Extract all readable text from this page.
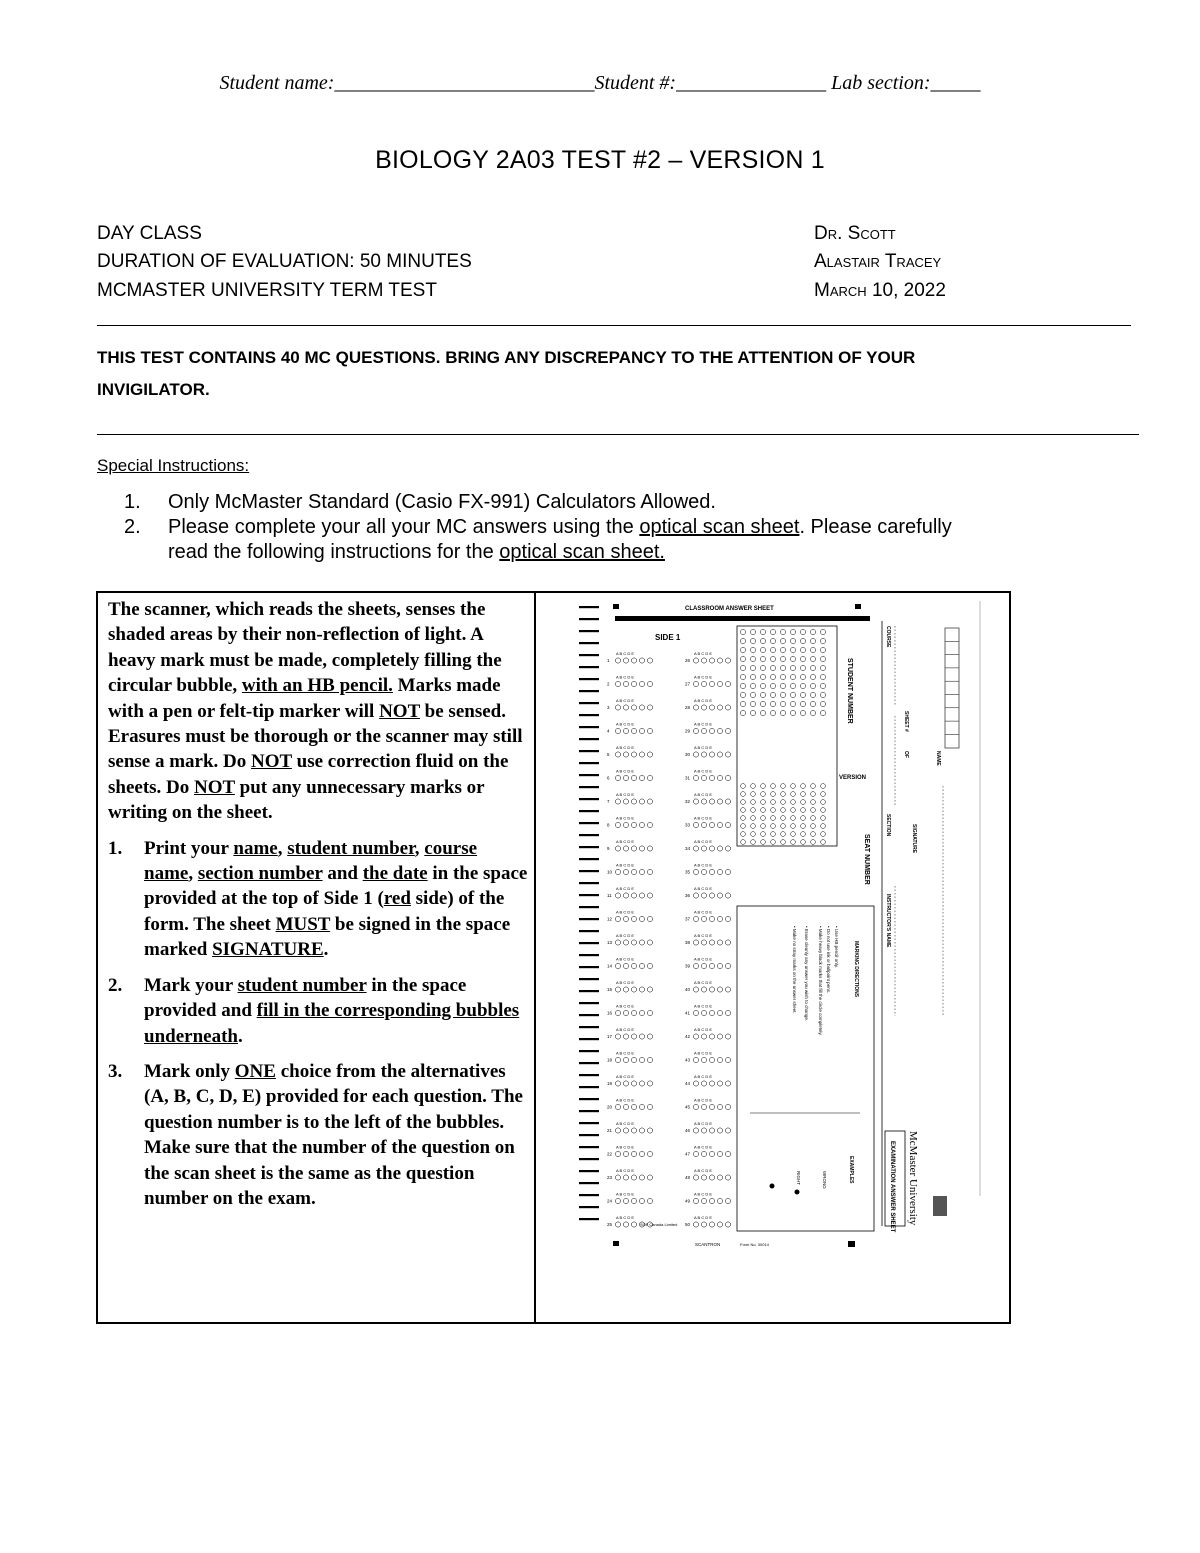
Student name:__________________________Student #:_______________ Lab section:_____
BIOLOGY 2A03 TEST #2 – VERSION 1
DAY CLASS
DURATION OF EVALUATION: 50 MINUTES
MCMASTER UNIVERSITY TERM TEST
Dr. Scott
Alastair Tracey
March 10, 2022
THIS TEST CONTAINS 40 MC QUESTIONS. BRING ANY DISCREPANCY TO THE ATTENTION OF YOUR
INVIGILATOR.
Special Instructions:
1. Only McMaster Standard (Casio FX-991) Calculators Allowed.
2. Please complete your all your MC answers using the optical scan sheet. Please carefully
read the following instructions for the optical scan sheet.
The scanner, which reads the sheets, senses the shaded areas by their non-reflection of light. A heavy mark must be made, completely filling the circular bubble, with an HB pencil. Marks made with a pen or felt-tip marker will NOT be sensed. Erasures must be thorough or the scanner may still sense a mark. Do NOT use correction fluid on the sheets. Do NOT put any unnecessary marks or writing on the sheet.
1. Print your name, student number, course name, section number and the date in the space provided at the top of Side 1 (red side) of the form. The sheet MUST be signed in the space marked SIGNATURE.
2. Mark your student number in the space provided and fill in the corresponding bubbles underneath.
3. Mark only ONE choice from the alternatives (A, B, C, D, E) provided for each question. The question number is to the left of the bubbles. Make sure that the number of the question on the scan sheet is the same as the question number on the exam.
CLASSROOM ANSWER SHEET
SIDE 1
1
A B C D E
26
A B C D E
2
A B C D E
27
A B C D E
3
A B C D E
28
A B C D E
4
A B C D E
29
A B C D E
5
A B C D E
30
A B C D E
6
A B C D E
31
A B C D E
7
A B C D E
32
A B C D E
8
A B C D E
33
A B C D E
9
A B C D E
34
A B C D E
10
A B C D E
35
A B C D E
11
A B C D E
36
A B C D E
12
A B C D E
37
A B C D E
13
A B C D E
38
A B C D E
14
A B C D E
39
A B C D E
15
A B C D E
40
A B C D E
16
A B C D E
41
A B C D E
17
A B C D E
42
A B C D E
18
A B C D E
43
A B C D E
19
A B C D E
44
A B C D E
20
A B C D E
45
A B C D E
21
A B C D E
46
A B C D E
22
A B C D E
47
A B C D E
23
A B C D E
48
A B C D E
24
A B C D E
49
A B C D E
25
A B C D E
50
A B C D E
STUDENT NUMBER
VERSION
SEAT NUMBER
MARKING DIRECTIONS
• Use HB pencil only.
• Do not use ink or ballpoint pens.
• Make heavy black marks that fill the circle completely.
• Erase cleanly any answer you wish to change.
• Make no stray marks on the answer sheet.
EXAMPLES
WRONG
RIGHT	EXAMINATION ANSWER SHEET McMaster University
COURSE
SHEET #
OF	NAME
SECTION	SIGNATURE
INSTRUCTOR'S NAME
SOF Canada Limited
SCANTRON	Form No. 30014
